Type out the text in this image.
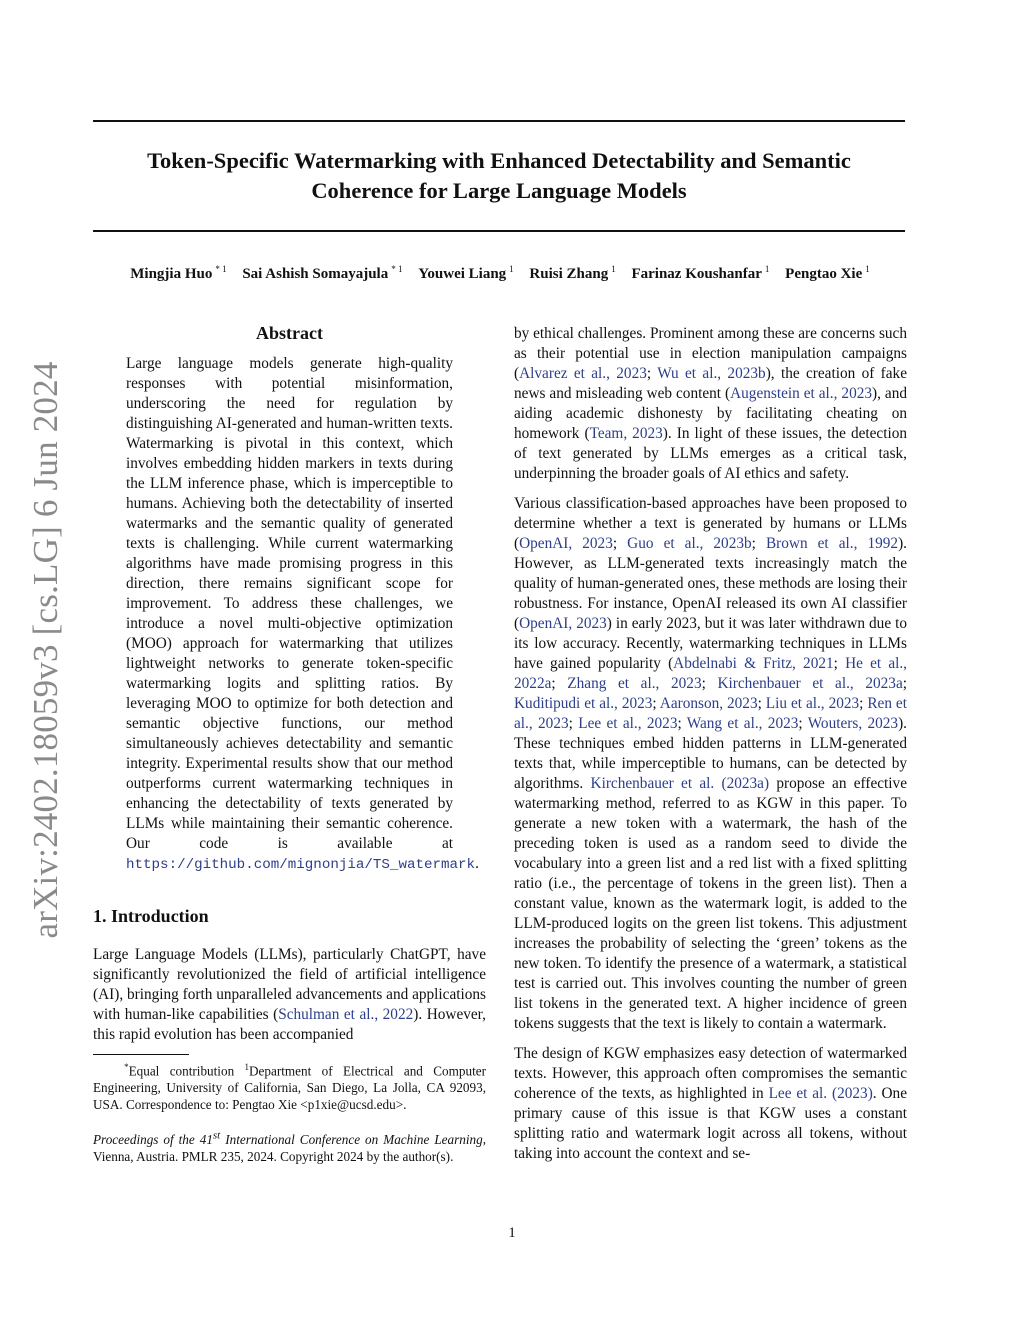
Token-Specific Watermarking with Enhanced Detectability and Semantic
Coherence for Large Language Models
Mingjia Huo $^{* 1}$ Sai Ashish Somayajula $^{* 1}$ Youwei Liang $^1$ Ruisi Zhang $^1$ Farinaz Koushanfar $^1$ Pengtao Xie $^1$
arXiv:2402.18059v3 [cs.LG] 6 Jun 2024
Abstract

Large language models generate high-quality responses with potential misinformation, underscoring the need for regulation by distinguishing AI-generated and human-written texts. Watermarking is pivotal in this context, which involves embedding hidden markers in texts during the LLM inference phase, which is imperceptible to humans. Achieving both the detectability of inserted watermarks and the semantic quality of generated texts is challenging. While current watermarking algorithms have made promising progress in this direction, there remains significant scope for improvement. To address these challenges, we introduce a novel multi-objective optimization (MOO) approach for watermarking that utilizes lightweight networks to generate token-specific watermarking logits and splitting ratios. By leveraging MOO to optimize for both detection and semantic objective functions, our method simultaneously achieves detectability and semantic integrity. Experimental results show that our method outperforms current watermarking techniques in enhancing the detectability of texts generated by LLMs while maintaining their semantic coherence. Our code is available at https://github.com/mignonjia/TS_watermark.

1. Introduction

Large Language Models (LLMs), particularly ChatGPT, have significantly revolutionized the field of artificial intelligence (AI), bringing forth unparalleled advancements and applications with human-like capabilities (Schulman et al., 2022). However, this rapid evolution has been accompanied

*Equal contribution $^1$Department of Electrical and Computer Engineering, University of California, San Diego, La Jolla, CA 92093, USA. Correspondence to: Pengtao Xie <p1xie@ucsd.edu>.

Proceedings of the 41st International Conference on Machine Learning, Vienna, Austria. PMLR 235, 2024. Copyright 2024 by the author(s).

by ethical challenges. Prominent among these are concerns such as their potential use in election manipulation campaigns (Alvarez et al., 2023; Wu et al., 2023b), the creation of fake news and misleading web content (Augenstein et al., 2023), and aiding academic dishonesty by facilitating cheating on homework (Team, 2023). In light of these issues, the detection of text generated by LLMs emerges as a critical task, underpinning the broader goals of AI ethics and safety.

Various classification-based approaches have been proposed to determine whether a text is generated by humans or LLMs (OpenAI, 2023; Guo et al., 2023b; Brown et al., 1992). However, as LLM-generated texts increasingly match the quality of human-generated ones, these methods are losing their robustness. For instance, OpenAI released its own AI classifier (OpenAI, 2023) in early 2023, but it was later withdrawn due to its low accuracy. Recently, watermarking techniques in LLMs have gained popularity (Abdelnabi & Fritz, 2021; He et al., 2022a; Zhang et al., 2023; Kirchenbauer et al., 2023a; Kuditipudi et al., 2023; Aaronson, 2023; Liu et al., 2023; Ren et al., 2023; Lee et al., 2023; Wang et al., 2023; Wouters, 2023). These techniques embed hidden patterns in LLM-generated texts that, while imperceptible to humans, can be detected by algorithms. Kirchenbauer et al. (2023a) propose an effective watermarking method, referred to as KGW in this paper. To generate a new token with a watermark, the hash of the preceding token is used as a random seed to divide the vocabulary into a green list and a red list with a fixed splitting ratio (i.e., the percentage of tokens in the green list). Then a constant value, known as the watermark logit, is added to the LLM-produced logits on the green list tokens. This adjustment increases the probability of selecting the ‘green’ tokens as the new token. To identify the presence of a watermark, a statistical test is carried out. This involves counting the number of green list tokens in the generated text. A higher incidence of green tokens suggests that the text is likely to contain a watermark.

The design of KGW emphasizes easy detection of watermarked texts. However, this approach often compromises the semantic coherence of the texts, as highlighted in Lee et al. (2023). One primary cause of this issue is that KGW uses a constant splitting ratio and watermark logit across all tokens, without taking into account the context and se-

1
